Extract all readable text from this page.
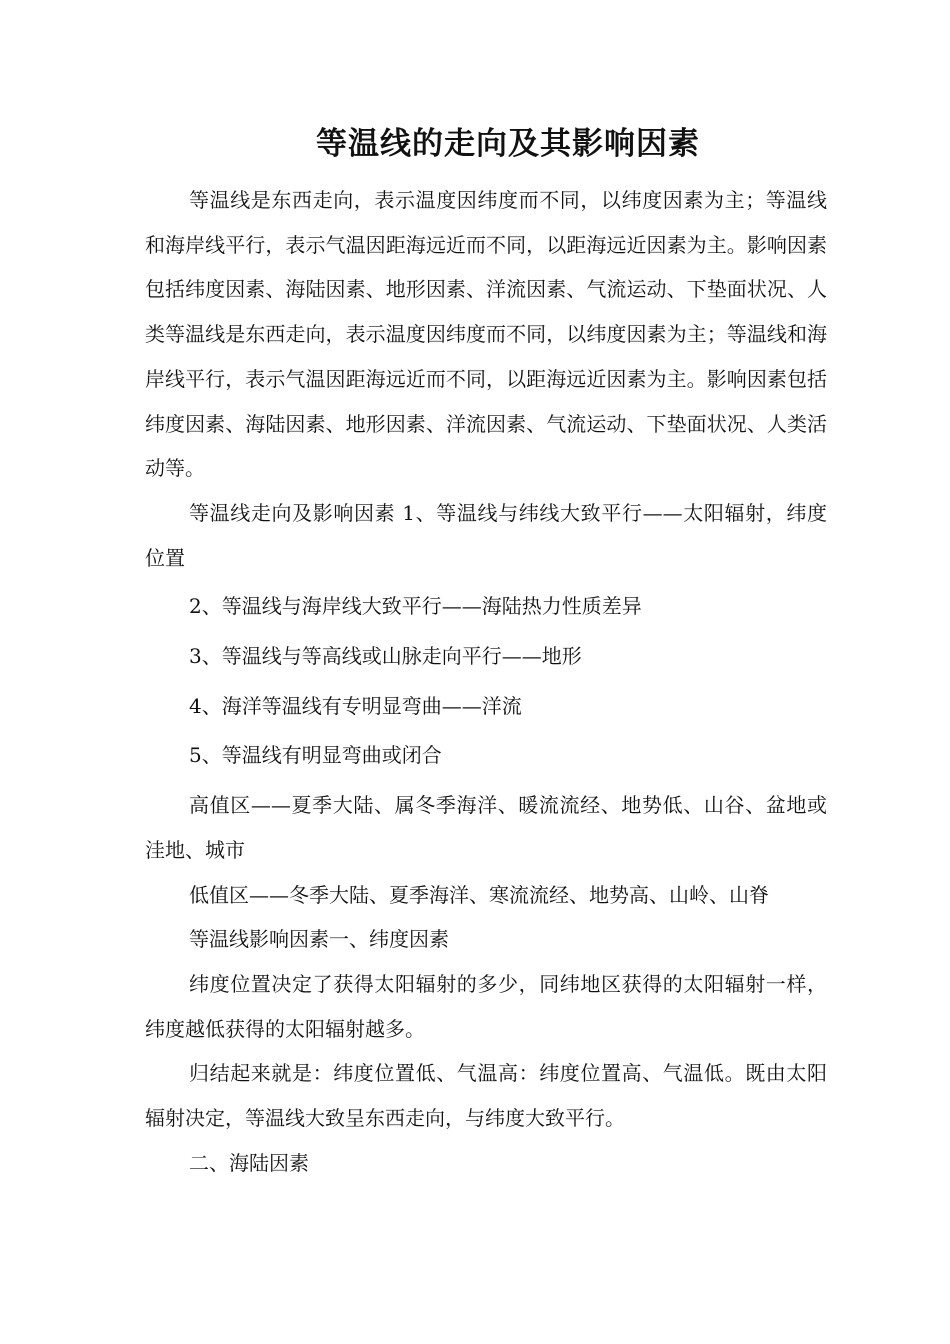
等温线的走向及其影响因素

等温线是东西走向，表示温度因纬度而不同，以纬度因素为主；等温线和海岸线平行，表示气温因距海远近而不同，以距海远近因素为主。影响因素包括纬度因素、海陆因素、地形因素、洋流因素、气流运动、下垫面状况、人类等温线是东西走向，表示温度因纬度而不同，以纬度因素为主；等温线和海岸线平行，表示气温因距海远近而不同，以距海远近因素为主。影响因素包括纬度因素、海陆因素、地形因素、洋流因素、气流运动、下垫面状况、人类活动等。

等温线走向及影响因素 1、等温线与纬线大致平行——太阳辐射，纬度位置

2、等温线与海岸线大致平行——海陆热力性质差异

3、等温线与等高线或山脉走向平行——地形

4、海洋等温线有专明显弯曲——洋流

5、等温线有明显弯曲或闭合

高值区——夏季大陆、属冬季海洋、暖流流经、地势低、山谷、盆地或洼地、城市

低值区——冬季大陆、夏季海洋、寒流流经、地势高、山岭、山脊

等温线影响因素一、纬度因素

纬度位置决定了获得太阳辐射的多少，同纬地区获得的太阳辐射一样，纬度越低获得的太阳辐射越多。

归结起来就是：纬度位置低、气温高：纬度位置高、气温低。既由太阳辐射决定，等温线大致呈东西走向，与纬度大致平行。

二、海陆因素
